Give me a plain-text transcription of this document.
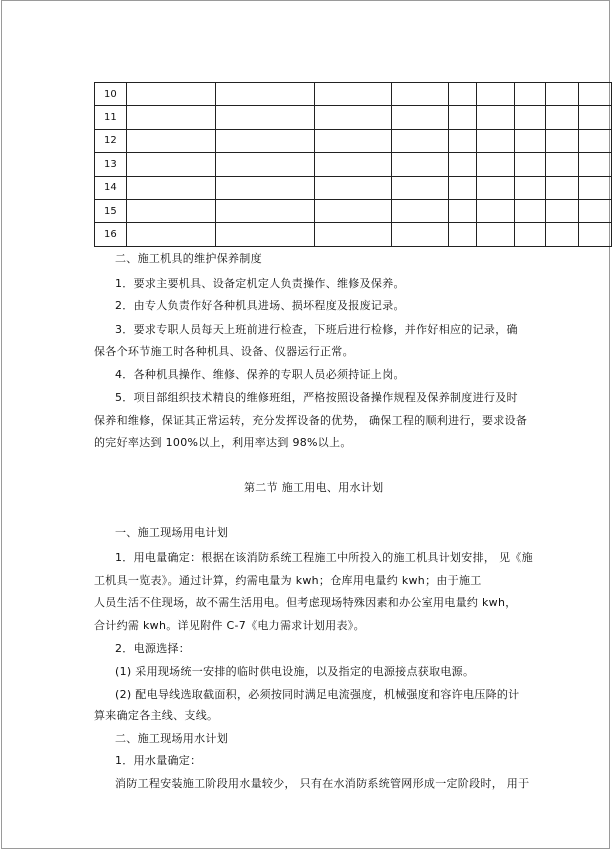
10									
11									
12									
13									
14									
15									
16									
二、施工机具的维护保养制度
1．要求主要机具、设备定机定人负责操作、维修及保养。
2．由专人负责作好各种机具进场、损坏程度及报废记录。
3．要求专职人员每天上班前进行检查，下班后进行检修，并作好相应的记录，确
保各个环节施工时各种机具、设备、仪器运行正常。
4．各种机具操作、维修、保养的专职人员必须持证上岗。
5．项目部组织技术精良的维修班组，严格按照设备操作规程及保养制度进行及时
保养和维修，保证其正常运转，充分发挥设备的优势， 确保工程的顺利进行，要求设备
的完好率达到 100%以上，利用率达到 98%以上。
第二节 施工用电、用水计划
一、施工现场用电计划
1．用电量确定：根据在该消防系统工程施工中所投入的施工机具计划安排， 见《施
工机具一览表》。通过计算，约需电量为 kwh；仓库用电量约 kwh；由于施工
人员生活不住现场，故不需生活用电。但考虑现场特殊因素和办公室用电量约 kwh，
合计约需 kwh。详见附件 C-7《电力需求计划用表》。
2．电源选择：
(1) 采用现场统一安排的临时供电设施，以及指定的电源接点获取电源。
(2) 配电导线选取截面积，必须按同时满足电流强度，机械强度和容许电压降的计
算来确定各主线、支线。
二、施工现场用水计划
1．用水量确定：
消防工程安装施工阶段用水量较少， 只有在水消防系统管网形成一定阶段时， 用于
